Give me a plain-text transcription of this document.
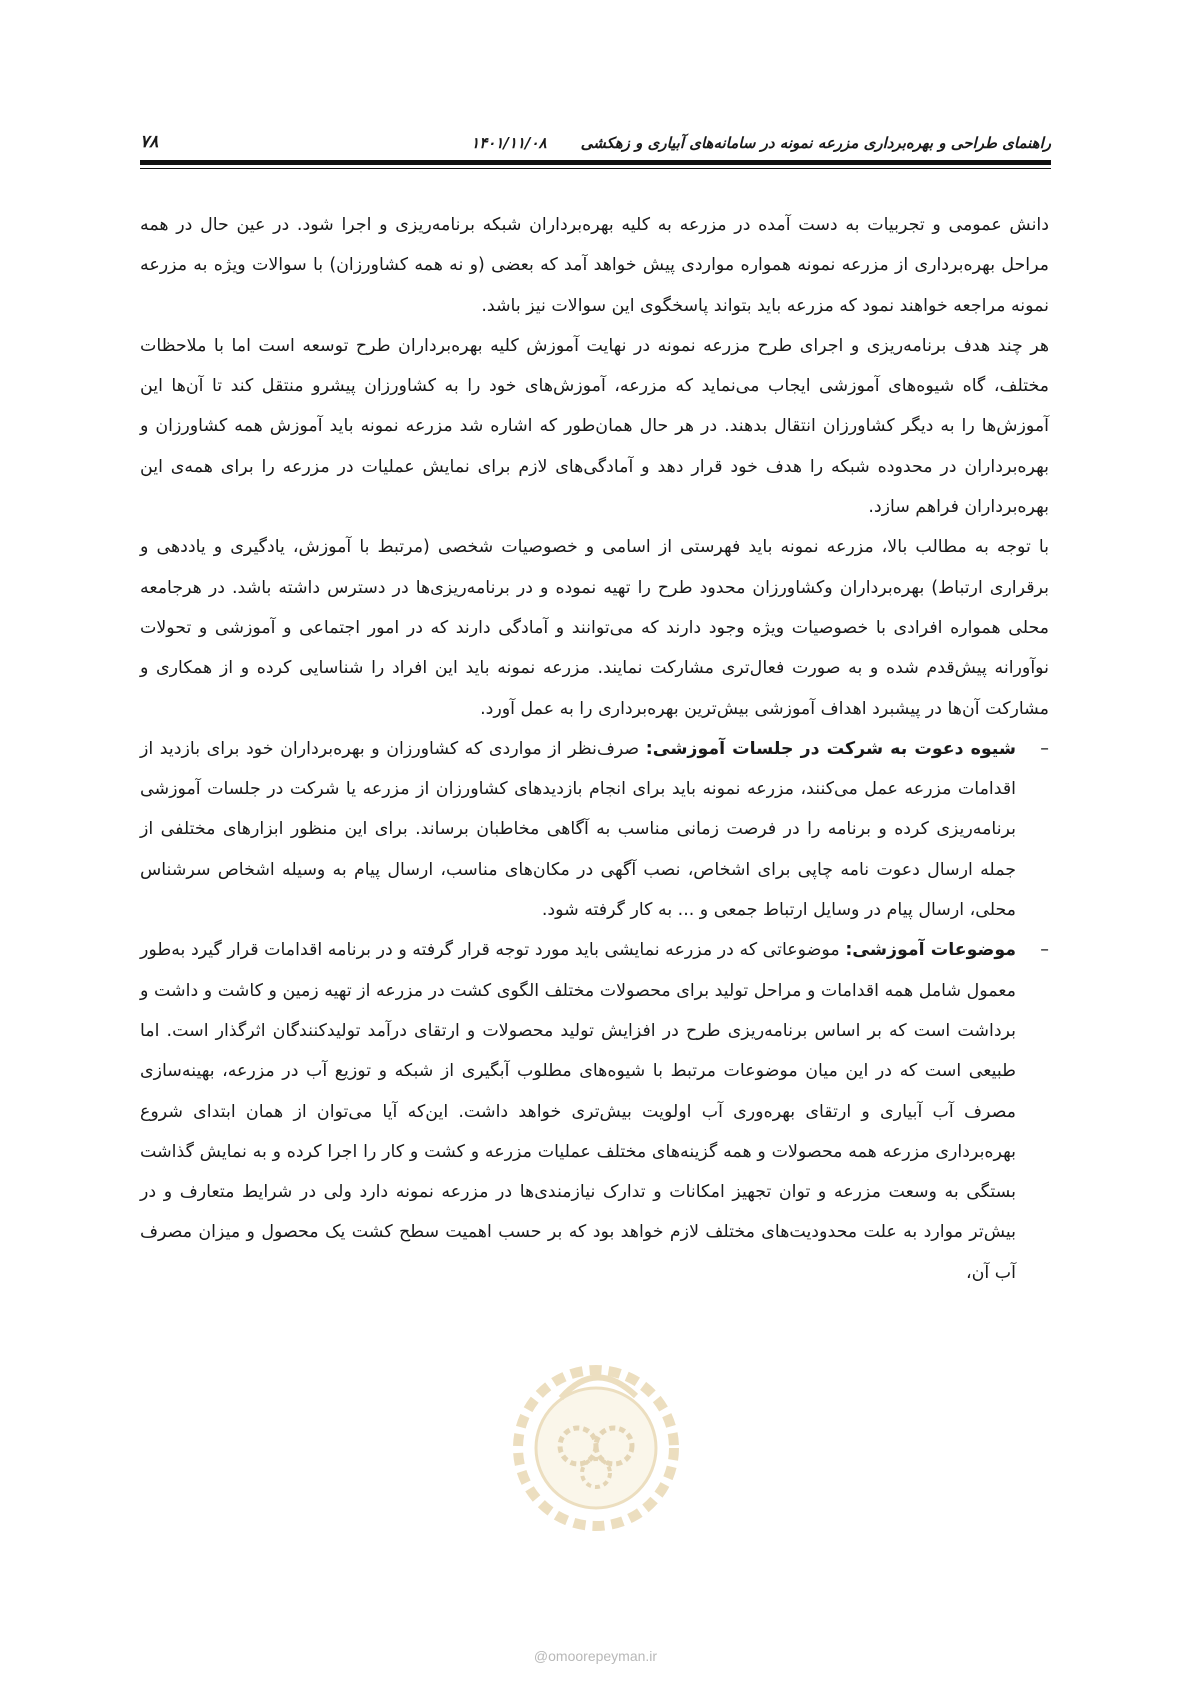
راهنمای طراحی و بهره‌برداری مزرعه نمونه در سامانه‌های آبیاری و زهکشی
۱۴۰۱/۱۱/۰۸
۷۸

دانش عمومی و تجربیات به دست آمده در مزرعه به کلیه بهره‌برداران شبکه برنامه‌ریزی و اجرا شود. در عین حال در همه مراحل بهره‌برداری از مزرعه نمونه همواره مواردی پیش خواهد آمد که بعضی (و نه همه کشاورزان) با سوالات ویژه به مزرعه نمونه مراجعه خواهند نمود که مزرعه باید بتواند پاسخگوی این سوالات نیز باشد.

هر چند هدف برنامه‌ریزی و اجرای طرح مزرعه نمونه در نهایت آموزش کلیه بهره‌برداران طرح توسعه است اما با ملاحظات مختلف، گاه شیوه‌های آموزشی ایجاب می‌نماید که مزرعه، آموزش‌های خود را به کشاورزان پیشرو منتقل کند تا آن‌ها این آموزش‌ها را به دیگر کشاورزان انتقال بدهند. در هر حال همان‌طور که اشاره شد مزرعه نمونه باید آموزش همه کشاورزان و بهره‌برداران در محدوده شبکه را هدف خود قرار دهد و آمادگی‌های لازم برای نمایش عملیات در مزرعه را برای همه‌ی این بهره‌برداران فراهم سازد.

با توجه به مطالب بالا، مزرعه نمونه باید فهرستی از اسامی و خصوصیات شخصی (مرتبط با آموزش، یادگیری و یاددهی و برقراری ارتباط) بهره‌برداران وکشاورزان محدود طرح را تهیه نموده و در برنامه‌ریزی‌ها در دسترس داشته باشد. در هرجامعه محلی همواره افرادی با خصوصیات ویژه وجود دارند که می‌توانند و آمادگی دارند که در امور اجتماعی و آموزشی و تحولات نوآورانه پیش‌قدم شده و به صورت فعال‌تری مشارکت نمایند. مزرعه نمونه باید این افراد را شناسایی کرده و از همکاری و مشارکت آن‌ها در پیشبرد اهداف آموزشی بیش‌ترین بهره‌برداری را به عمل آورد.

–
شیوه دعوت به شرکت در جلسات آموزشی: صرف‌نظر از مواردی که کشاورزان و بهره‌برداران خود برای بازدید از اقدامات مزرعه عمل می‌کنند، مزرعه نمونه باید برای انجام بازدیدهای کشاورزان از مزرعه یا شرکت در جلسات آموزشی برنامه‌ریزی کرده و برنامه را در فرصت زمانی مناسب به آگاهی مخاطبان برساند. برای این منظور ابزارهای مختلفی از جمله ارسال دعوت نامه چاپی برای اشخاص، نصب آگهی در مکان‌های مناسب، ارسال پیام به وسیله اشخاص سرشناس محلی، ارسال پیام در وسایل ارتباط جمعی و ... به کار گرفته شود.
–
موضوعات آموزشی: موضوعاتی که در مزرعه نمایشی باید مورد توجه قرار گرفته و در برنامه اقدامات قرار گیرد به‌طور معمول شامل همه اقدامات و مراحل تولید برای محصولات مختلف الگوی کشت در مزرعه از تهیه زمین و کاشت و داشت و برداشت است که بر اساس برنامه‌ریزی طرح در افزایش تولید محصولات و ارتقای درآمد تولیدکنندگان اثرگذار است. اما طبیعی است که در این میان موضوعات مرتبط با شیوه‌های مطلوب آبگیری از شبکه و توزیع آب در مزرعه، بهینه‌سازی مصرف آب آبیاری و ارتقای بهره‌وری آب اولویت بیش‌تری خواهد داشت. این‌که آیا می‌توان از همان ابتدای شروع بهره‌برداری مزرعه همه محصولات و همه گزینه‌های مختلف عملیات مزرعه و کشت و کار را اجرا کرده و به نمایش گذاشت بستگی به وسعت مزرعه و توان تجهیز امکانات و تدارک نیازمندی‌ها در مزرعه نمونه دارد ولی در شرایط متعارف و در بیش‌تر موارد به علت محدودیت‌های مختلف لازم خواهد بود که بر حسب اهمیت سطح کشت یک محصول و میزان مصرف آب آن،
@omoorepeyman.ir
